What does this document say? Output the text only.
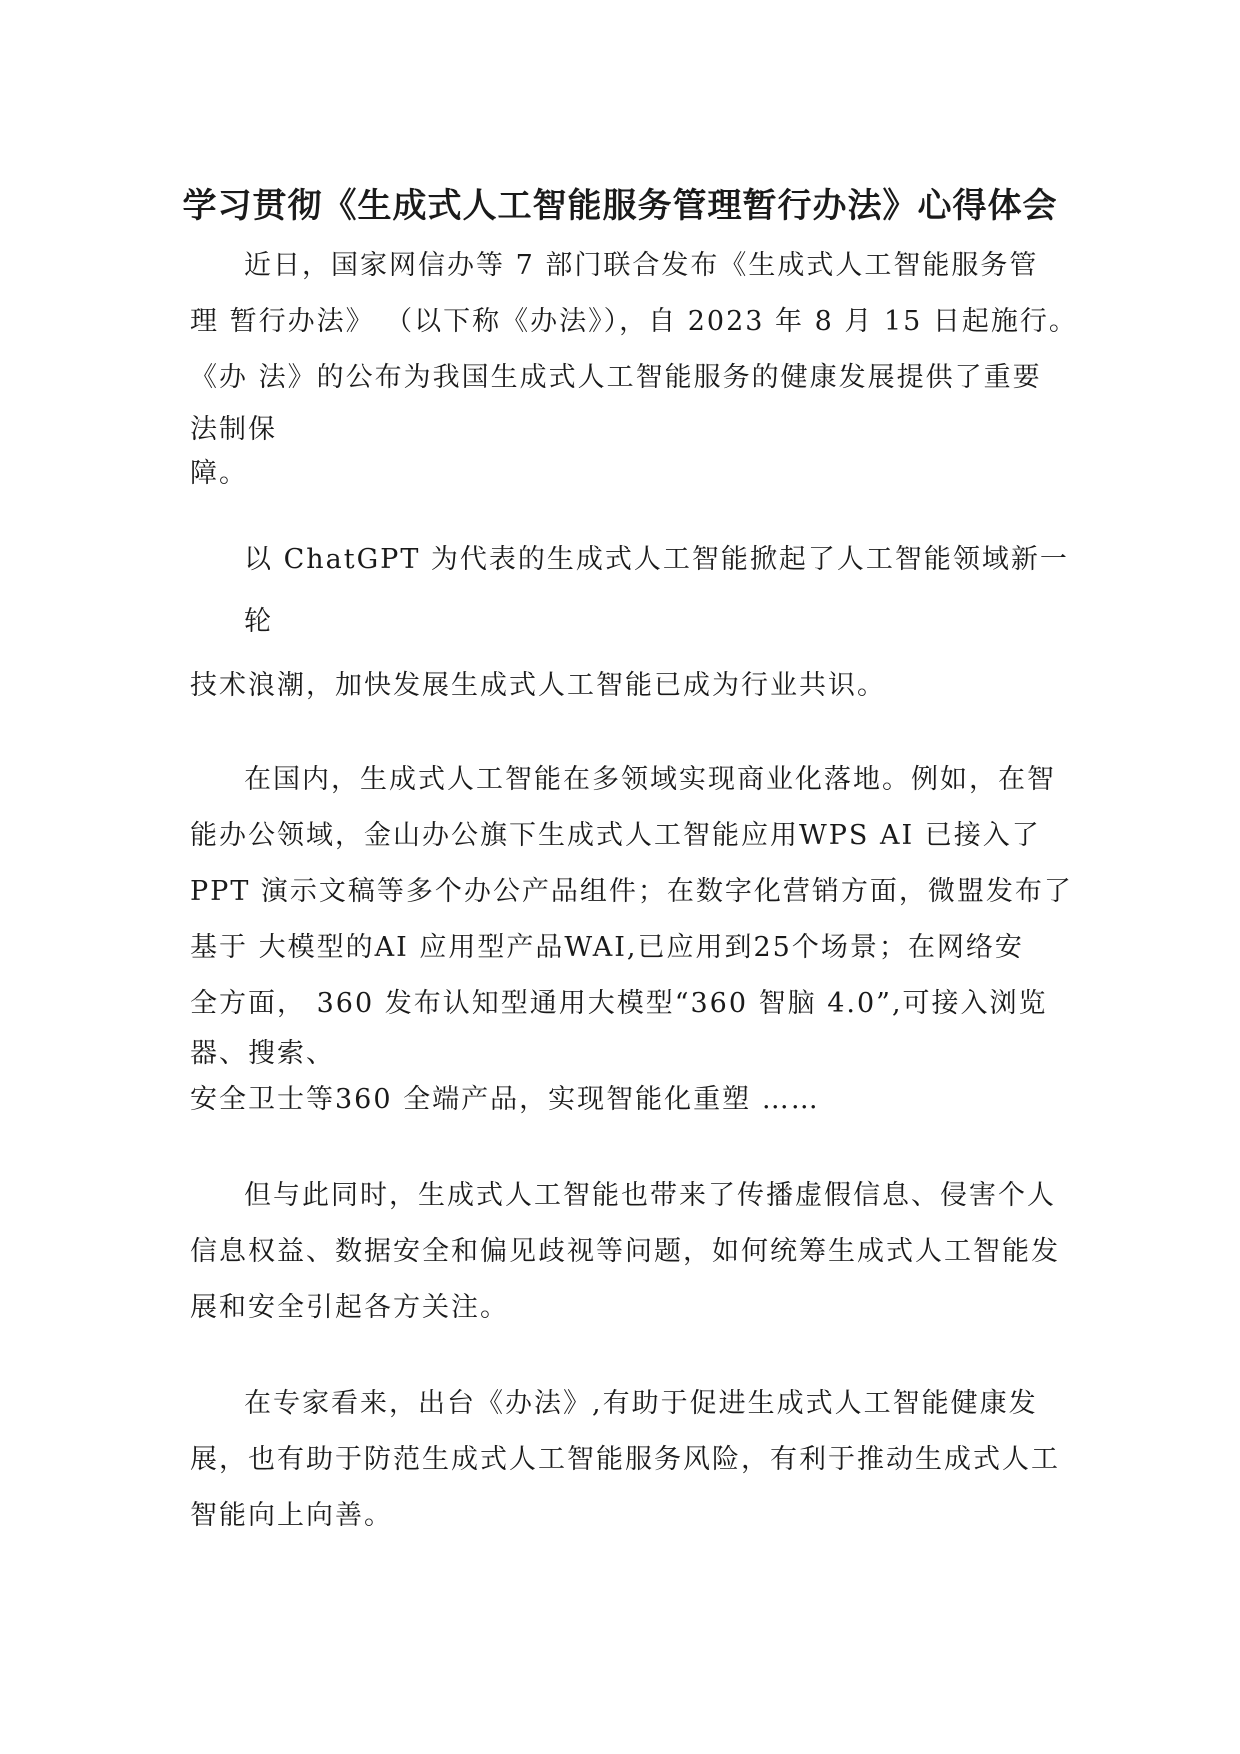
学习贯彻《生成式人工智能服务管理暂行办法》心得体会
近日，国家网信办等 7 部门联合发布《生成式人工智能服务管
理 暂行办法》 （以下称《办法》），自 2023 年 8 月 15 日起施行。
《办 法》的公布为我国生成式人工智能服务的健康发展提供了重要
法制保
障。
以 ChatGPT 为代表的生成式人工智能掀起了人工智能领域新一
轮
技术浪潮，加快发展生成式人工智能已成为行业共识。
在国内，生成式人工智能在多领域实现商业化落地。例如，在智
能办公领域，金山办公旗下生成式人工智能应用WPS AI 已接入了
PPT 演示文稿等多个办公产品组件；在数字化营销方面，微盟发布了
基于 大模型的AI 应用型产品WAI,已应用到25个场景；在网络安
全方面， 360 发布认知型通用大模型“360 智脑 4.0”,可接入浏览
器、搜索、
安全卫士等360 全端产品，实现智能化重塑 ……
但与此同时，生成式人工智能也带来了传播虚假信息、侵害个人
信息权益、数据安全和偏见歧视等问题，如何统筹生成式人工智能发
展和安全引起各方关注。
在专家看来，出台《办法》,有助于促进生成式人工智能健康发
展，也有助于防范生成式人工智能服务风险，有利于推动生成式人工
智能向上向善。
